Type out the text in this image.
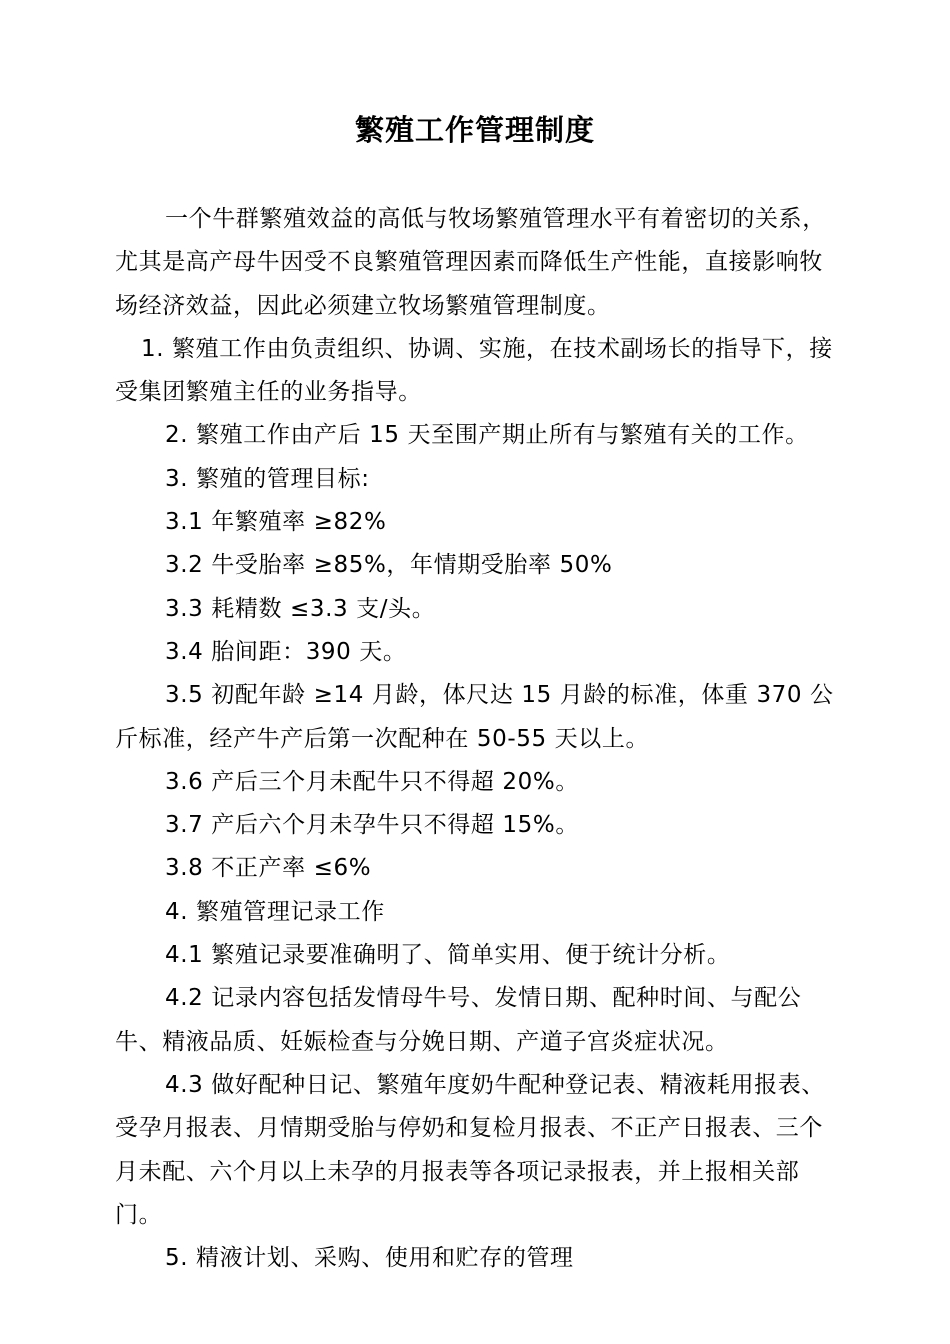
繁殖工作管理制度

一个牛群繁殖效益的高低与牧场繁殖管理水平有着密切的关系，尤其是高产母牛因受不良繁殖管理因素而降低生产性能，直接影响牧场经济效益，因此必须建立牧场繁殖管理制度。

1. 繁殖工作由负责组织、协调、实施，在技术副场长的指导下，接受集团繁殖主任的业务指导。

2. 繁殖工作由产后 15 天至围产期止所有与繁殖有关的工作。

3. 繁殖的管理目标:

3.1 年繁殖率 ≥82%

3.2 牛受胎率 ≥85%，年情期受胎率 50%

3.3 耗精数 ≤3.3 支/头。

3.4 胎间距：390 天。

3.5 初配年龄 ≥14 月龄，体尺达 15 月龄的标准，体重 370 公斤标准，经产牛产后第一次配种在 50-55 天以上。

3.6 产后三个月未配牛只不得超 20%。

3.7 产后六个月未孕牛只不得超 15%。

3.8 不正产率 ≤6%

4. 繁殖管理记录工作

4.1 繁殖记录要准确明了、简单实用、便于统计分析。

4.2 记录内容包括发情母牛号、发情日期、配种时间、与配公牛、精液品质、妊娠检查与分娩日期、产道子宫炎症状况。

4.3 做好配种日记、繁殖年度奶牛配种登记表、精液耗用报表、受孕月报表、月情期受胎与停奶和复检月报表、不正产日报表、三个月未配、六个月以上未孕的月报表等各项记录报表，并上报相关部门。

5. 精液计划、采购、使用和贮存的管理
